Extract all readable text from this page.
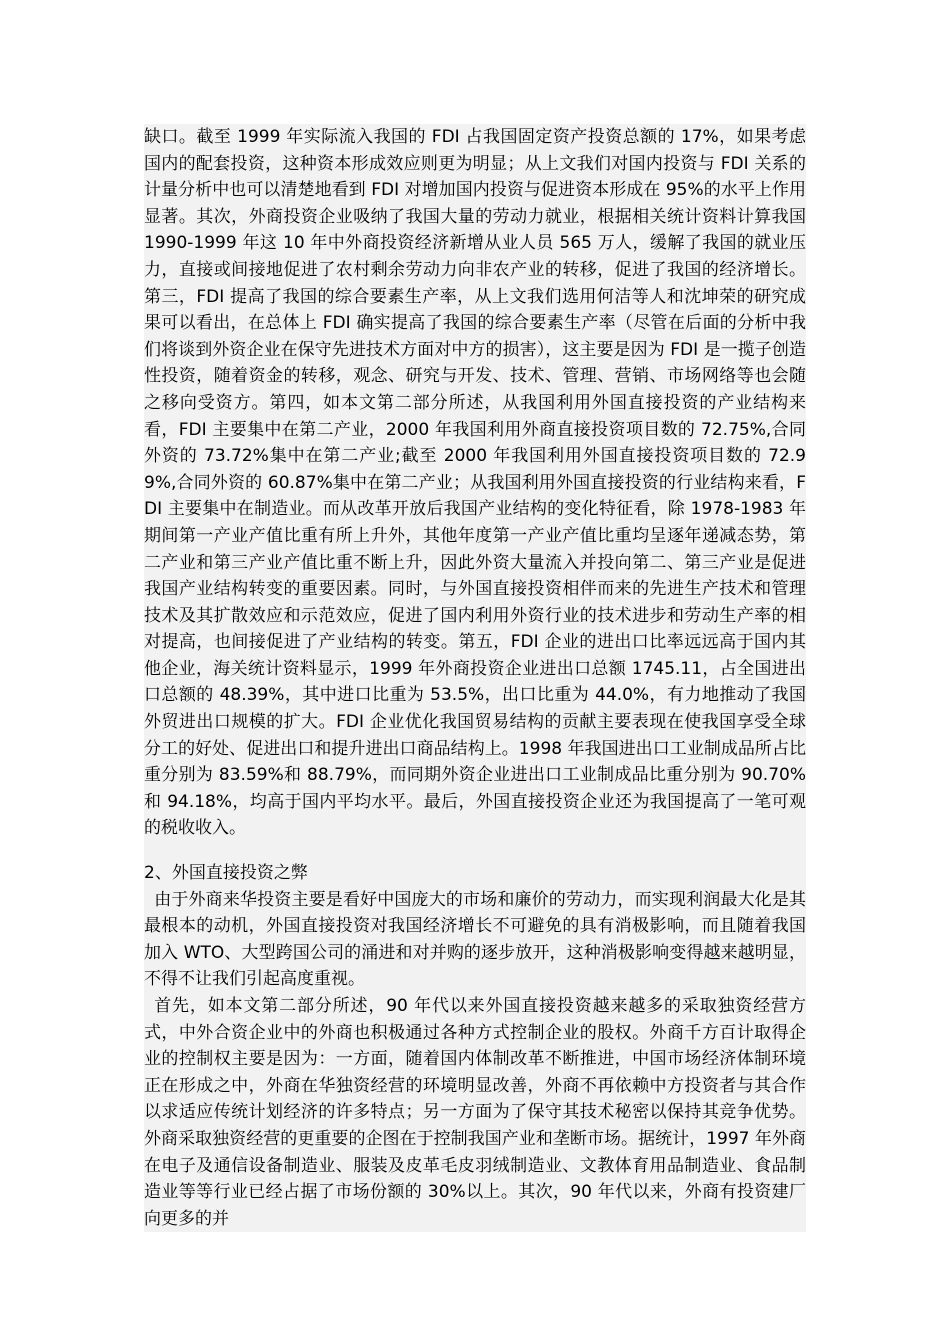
缺口。截至 1999 年实际流入我国的 FDI 占我国固定资产投资总额的 17%，如果考虑国内的配套投资，这种资本形成效应则更为明显；从上文我们对国内投资与 FDI 关系的计量分析中也可以清楚地看到 FDI 对增加国内投资与促进资本形成在 95%的水平上作用显著。其次，外商投资企业吸纳了我国大量的劳动力就业，根据相关统计资料计算我国 1990-1999 年这 10 年中外商投资经济新增从业人员 565 万人，缓解了我国的就业压力，直接或间接地促进了农村剩余劳动力向非农产业的转移，促进了我国的经济增长。第三，FDI 提高了我国的综合要素生产率，从上文我们选用何洁等人和沈坤荣的研究成果可以看出，在总体上 FDI 确实提高了我国的综合要素生产率（尽管在后面的分析中我们将谈到外资企业在保守先进技术方面对中方的损害），这主要是因为 FDI 是一揽子创造性投资，随着资金的转移，观念、研究与开发、技术、管理、营销、市场网络等也会随之移向受资方。第四，如本文第二部分所述，从我国利用外国直接投资的产业结构来看，FDI 主要集中在第二产业，2000 年我国利用外商直接投资项目数的 72.75%,合同外资的 73.72%集中在第二产业;截至 2000 年我国利用外国直接投资项目数的 72.99%,合同外资的 60.87%集中在第二产业；从我国利用外国直接投资的行业结构来看，FDI 主要集中在制造业。而从改革开放后我国产业结构的变化特征看，除 1978-1983 年期间第一产业产值比重有所上升外，其他年度第一产业产值比重均呈逐年递减态势，第二产业和第三产业产值比重不断上升，因此外资大量流入并投向第二、第三产业是促进我国产业结构转变的重要因素。同时，与外国直接投资相伴而来的先进生产技术和管理技术及其扩散效应和示范效应，促进了国内利用外资行业的技术进步和劳动生产率的相对提高，也间接促进了产业结构的转变。第五，FDI 企业的进出口比率远远高于国内其他企业，海关统计资料显示，1999 年外商投资企业进出口总额 1745.11，占全国进出口总额的 48.39%，其中进口比重为 53.5%，出口比重为 44.0%，有力地推动了我国外贸进出口规模的扩大。FDI 企业优化我国贸易结构的贡献主要表现在使我国享受全球分工的好处、促进出口和提升进出口商品结构上。1998 年我国进出口工业制成品所占比重分别为 83.59%和 88.79%，而同期外资企业进出口工业制成品比重分别为 90.70%和 94.18%，均高于国内平均水平。最后，外国直接投资企业还为我国提高了一笔可观的税收收入。

2、外国直接投资之弊

由于外商来华投资主要是看好中国庞大的市场和廉价的劳动力，而实现利润最大化是其最根本的动机，外国直接投资对我国经济增长不可避免的具有消极影响，而且随着我国加入 WTO、大型跨国公司的涌进和对并购的逐步放开，这种消极影响变得越来越明显，不得不让我们引起高度重视。

首先，如本文第二部分所述，90 年代以来外国直接投资越来越多的采取独资经营方式，中外合资企业中的外商也积极通过各种方式控制企业的股权。外商千方百计取得企业的控制权主要是因为：一方面，随着国内体制改革不断推进，中国市场经济体制环境正在形成之中，外商在华独资经营的环境明显改善，外商不再依赖中方投资者与其合作以求适应传统计划经济的许多特点；另一方面为了保守其技术秘密以保持其竞争优势。外商采取独资经营的更重要的企图在于控制我国产业和垄断市场。据统计，1997 年外商在电子及通信设备制造业、服装及皮革毛皮羽绒制造业、文教体育用品制造业、食品制造业等等行业已经占据了市场份额的 30%以上。其次，90 年代以来，外商有投资建厂向更多的并
